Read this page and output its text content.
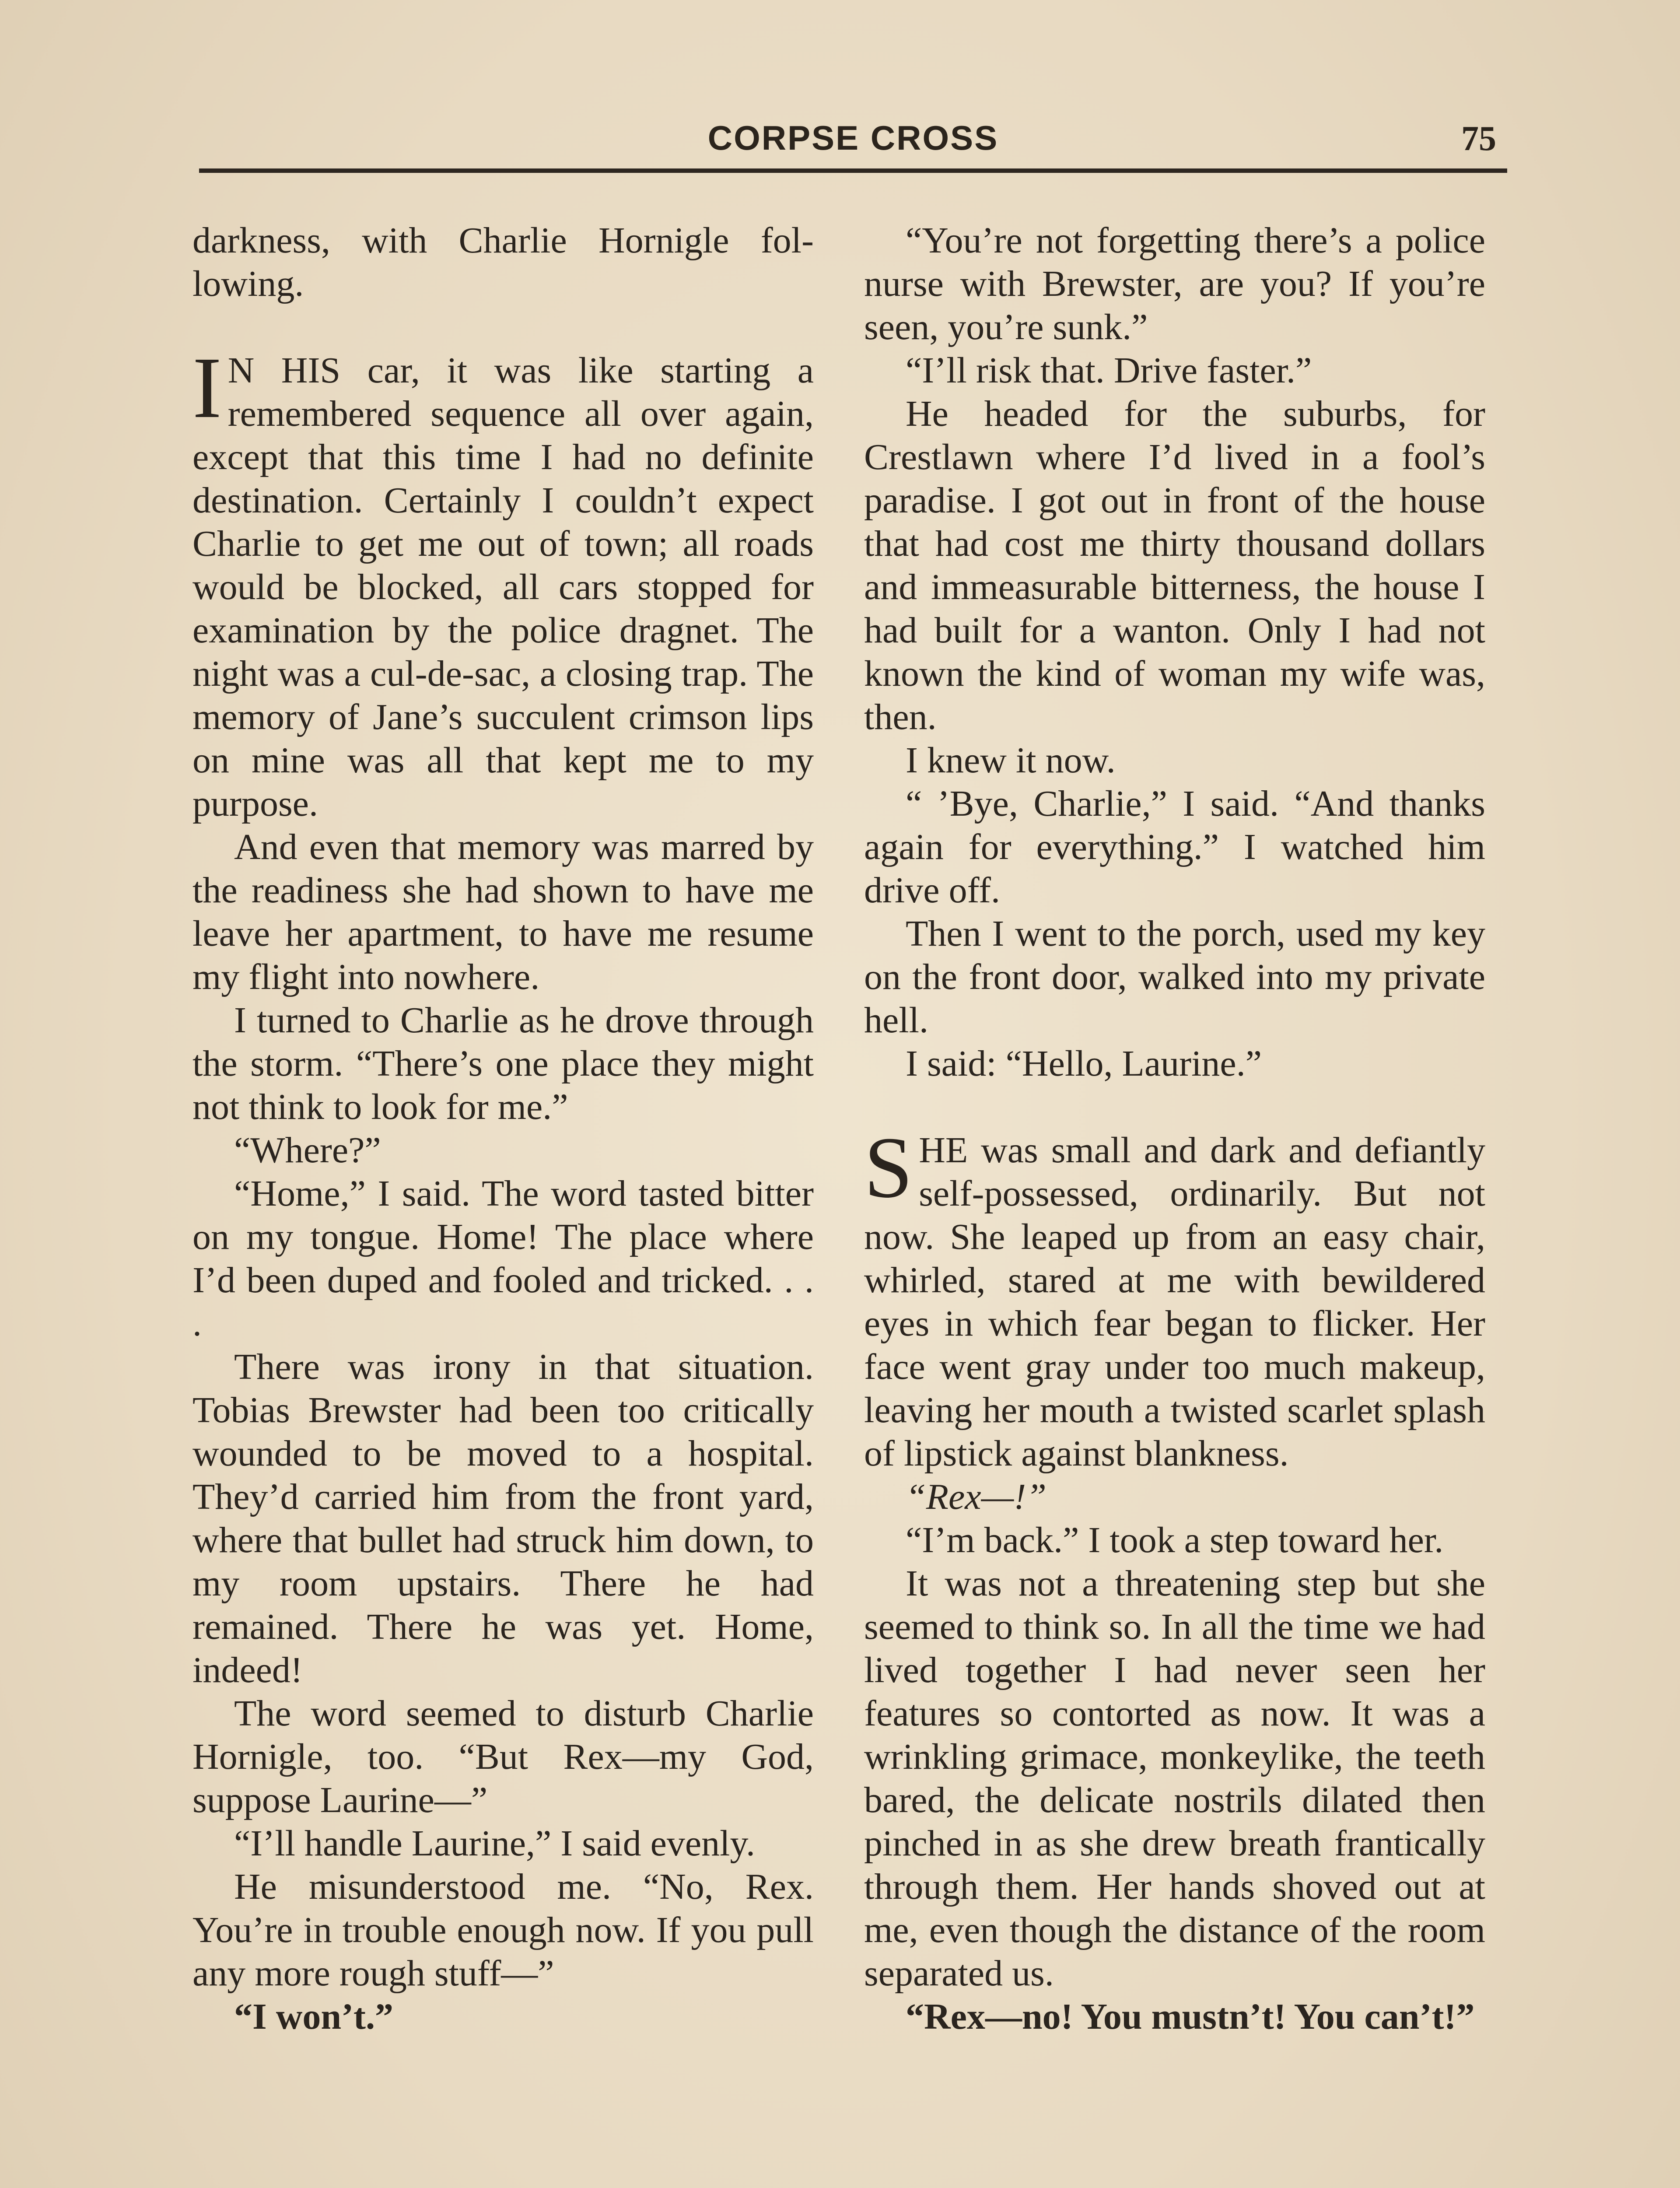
CORPSE CROSS	75

darkness, with Charlie Hornigle following.

I N HIS car, it was like starting a remembered sequence all over again, except that this time I had no definite destination. Certainly I couldn’t expect Charlie to get me out of town; all roads would be blocked, all cars stopped for examination by the police dragnet. The night was a cul-de-sac, a closing trap. The memory of Jane’s succulent crimson lips on mine was all that kept me to my purpose.

And even that memory was marred by the readiness she had shown to have me leave her apartment, to have me resume my flight into nowhere.

I turned to Charlie as he drove through the storm. “There’s one place they might not think to look for me.”

“Where?”

“Home,” I said. The word tasted bitter on my tongue. Home! The place where I’d been duped and fooled and tricked. . . .

There was irony in that situation. Tobias Brewster had been too critically wounded to be moved to a hospital. They’d carried him from the front yard, where that bullet had struck him down, to my room upstairs. There he had remained. There he was yet. Home, indeed!

The word seemed to disturb Charlie Hornigle, too. “But Rex—my God, suppose Laurine—”

“I’ll handle Laurine,” I said evenly.

He misunderstood me. “No, Rex. You’re in trouble enough now. If you pull any more rough stuff—”

“I won’t.”

“You’re not forgetting there’s a police nurse with Brewster, are you? If you’re seen, you’re sunk.”

“I’ll risk that. Drive faster.”

He headed for the suburbs, for Crestlawn where I’d lived in a fool’s paradise. I got out in front of the house that had cost me thirty thousand dollars and immeasurable bitterness, the house I had built for a wanton. Only I had not known the kind of woman my wife was, then.

I knew it now.

“ ’Bye, Charlie,” I said. “And thanks again for everything.” I watched him drive off.

Then I went to the porch, used my key on the front door, walked into my private hell.

I said: “Hello, Laurine.”

SHE was small and dark and defiantly self-possessed, ordinarily. But not now. She leaped up from an easy chair, whirled, stared at me with bewildered eyes in which fear began to flicker. Her face went gray under too much makeup, leaving her mouth a twisted scarlet splash of lipstick against blankness.

“Rex—!”

“I’m back.” I took a step toward her.

It was not a threatening step but she seemed to think so. In all the time we had lived together I had never seen her features so contorted as now. It was a wrinkling grimace, monkeylike, the teeth bared, the delicate nostrils dilated then pinched in as she drew breath frantically through them. Her hands shoved out at me, even though the distance of the room separated us.

“Rex—no! You mustn’t! You can’t!”
